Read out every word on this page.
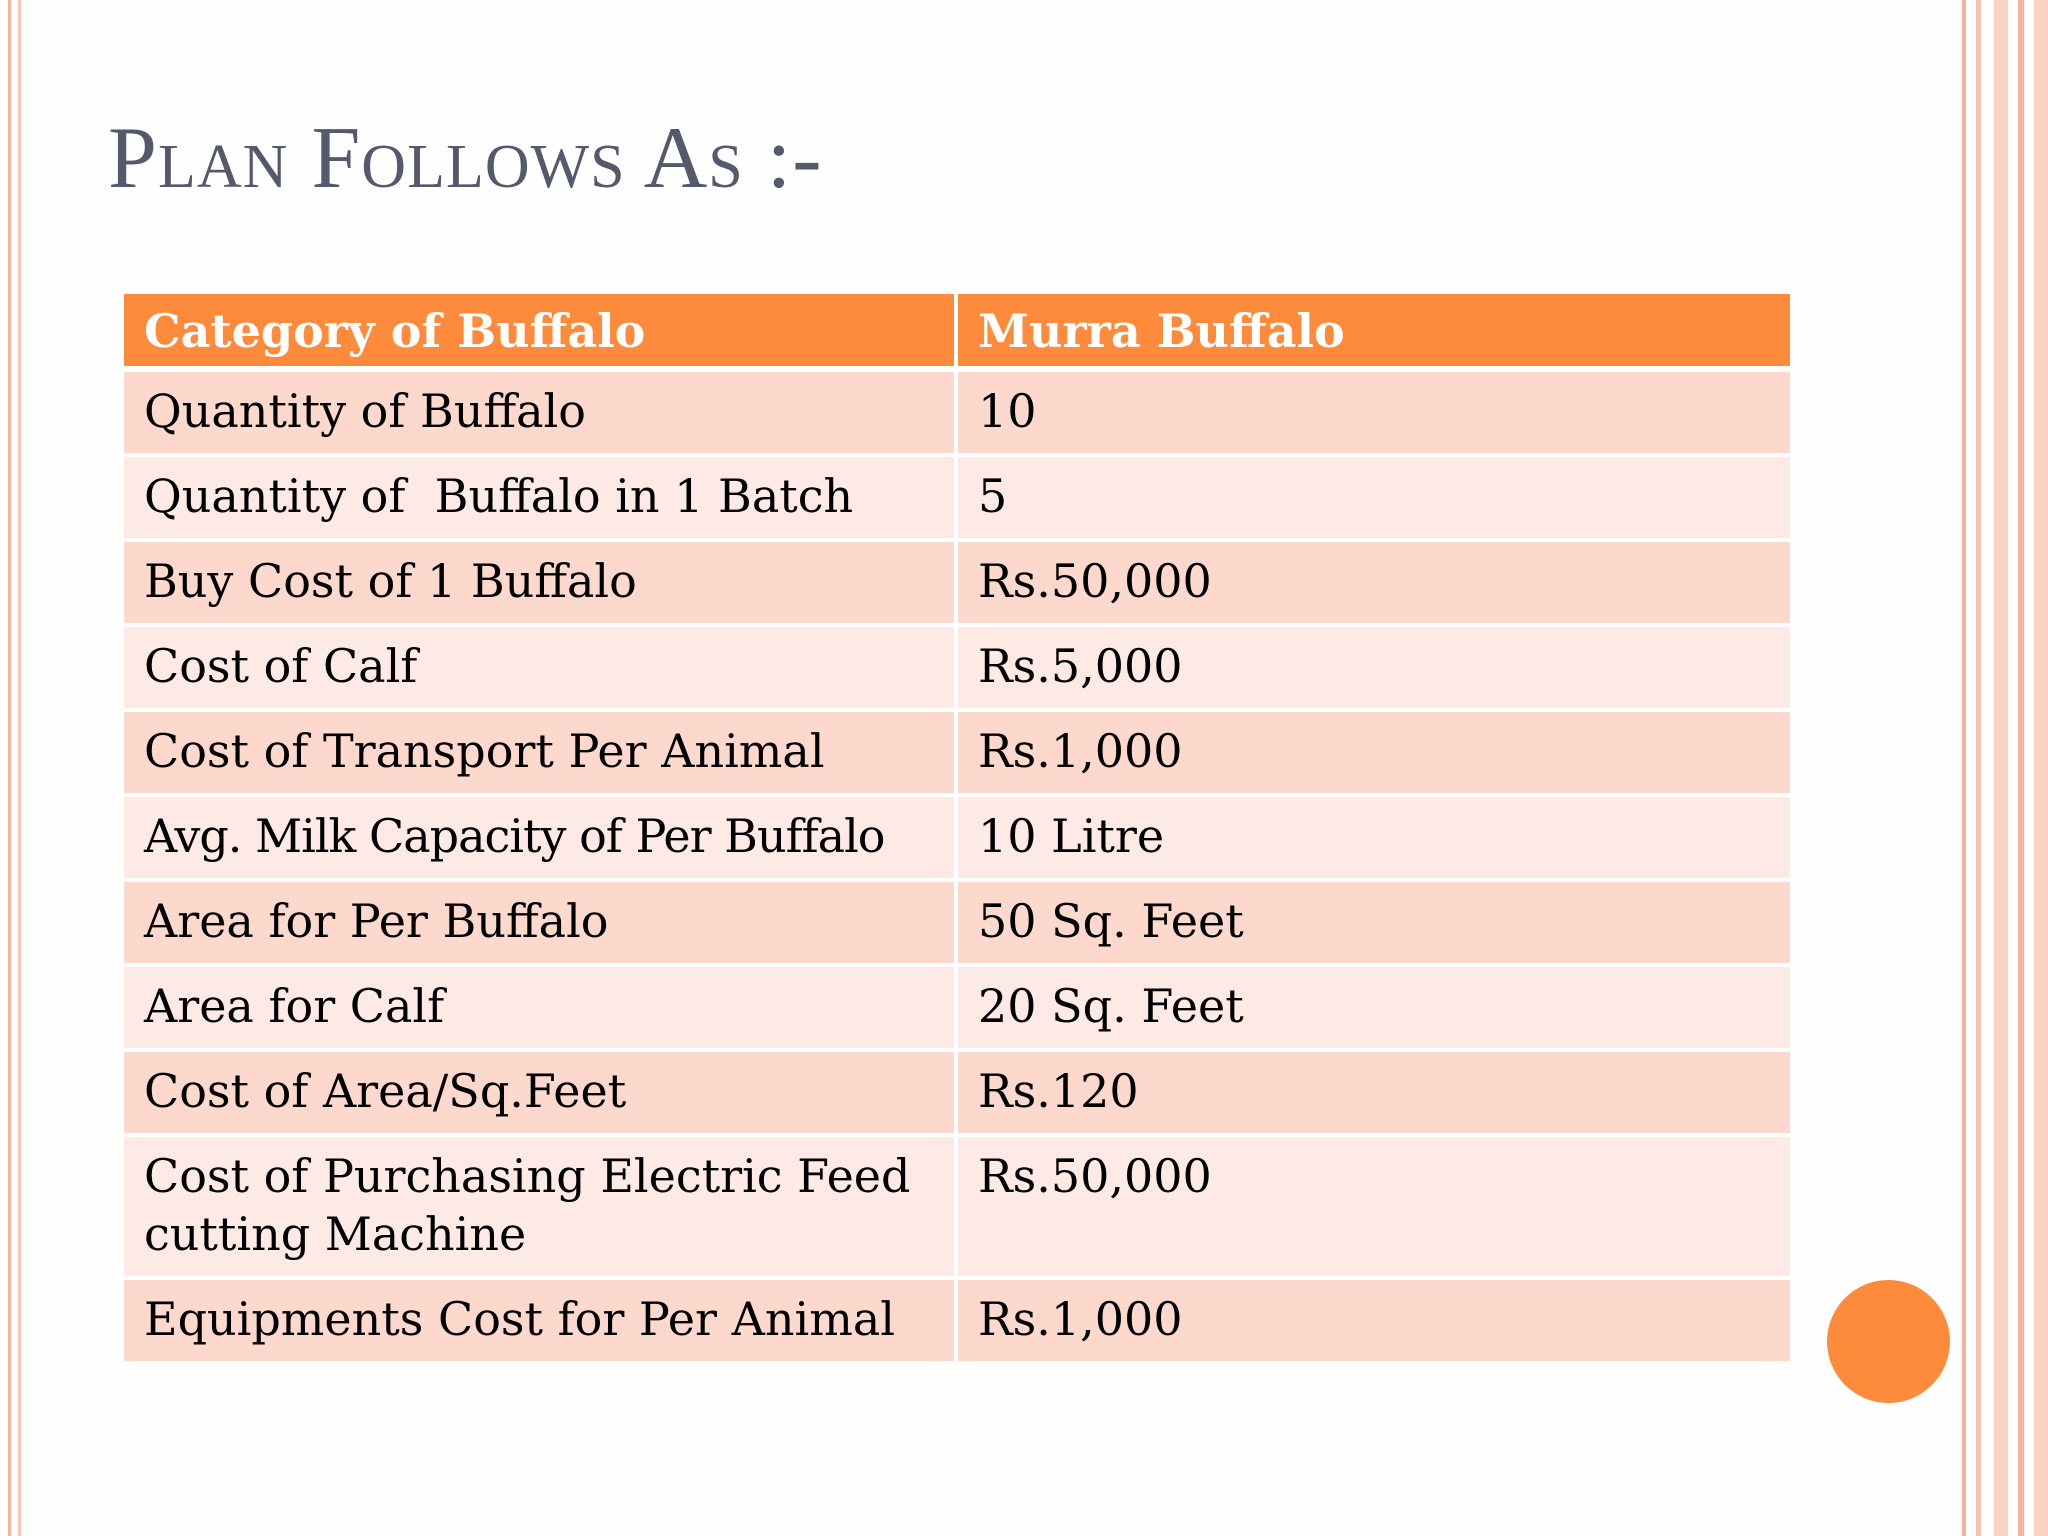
Plan Follows As :-
Category of Buffalo	Murra Buffalo
Quantity of Buffalo	10
Quantity of  Buffalo in 1 Batch	5
Buy Cost of 1 Buffalo	Rs.50,000
Cost of Calf	Rs.5,000
Cost of Transport Per Animal	Rs.1,000
Avg. Milk Capacity of Per Buffalo	10 Litre
Area for Per Buffalo	50 Sq. Feet
Area for Calf	20 Sq. Feet
Cost of Area/Sq.Feet	Rs.120
Cost of Purchasing Electric Feed cutting Machine	Rs.50,000
Equipments Cost for Per Animal	Rs.1,000
